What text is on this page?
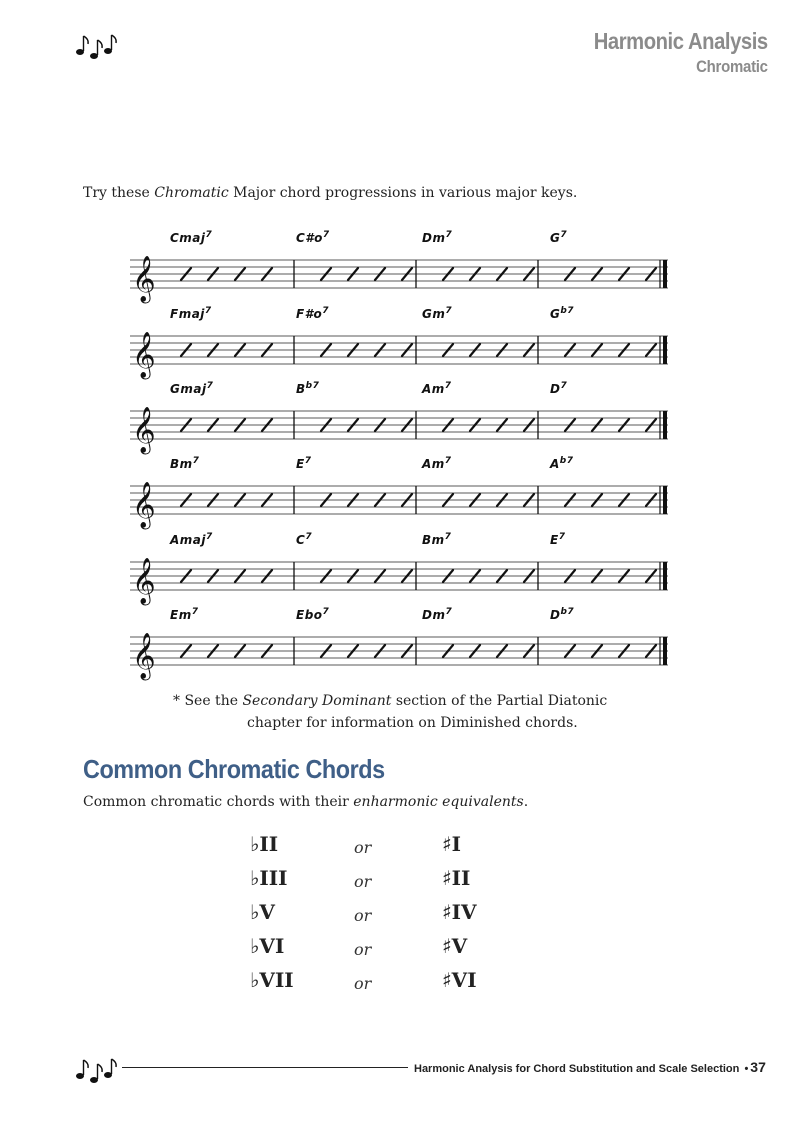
Harmonic Analysis
Chromatic
Try these Chromatic Major chord progressions in various major keys.
Cmaj$^7$	$C\#o^7$	Dm$^7$	$G^7$
𝄞
Fmaj$^7$	$F\#o^7$	Gm$^7$	$G^{b7}$
𝄞
Gmaj$^7$	$B^{b7}$	Am$^7$	$D^7$
𝄞
Bm$^7$	$E^7$	Am$^7$	$A^{b7}$
𝄞
Amaj$^7$	$C^7$	Bm$^7$	$E^7$
𝄞
Em$^7$	Ebo$^7$	Dm$^7$	$D^{b7}$
𝄞
* See the Secondary Dominant section of the Partial Diatonic
chapter for information on Diminished chords.
Common Chromatic Chords
Common chromatic chords with their enharmonic equivalents.
♭II	or	♯I
♭III	or	♯II
♭V	or	♯IV
♭VI	or	♯V
♭VII	or	♯VI
Harmonic Analysis for Chord Substitution and Scale Selection • 37
